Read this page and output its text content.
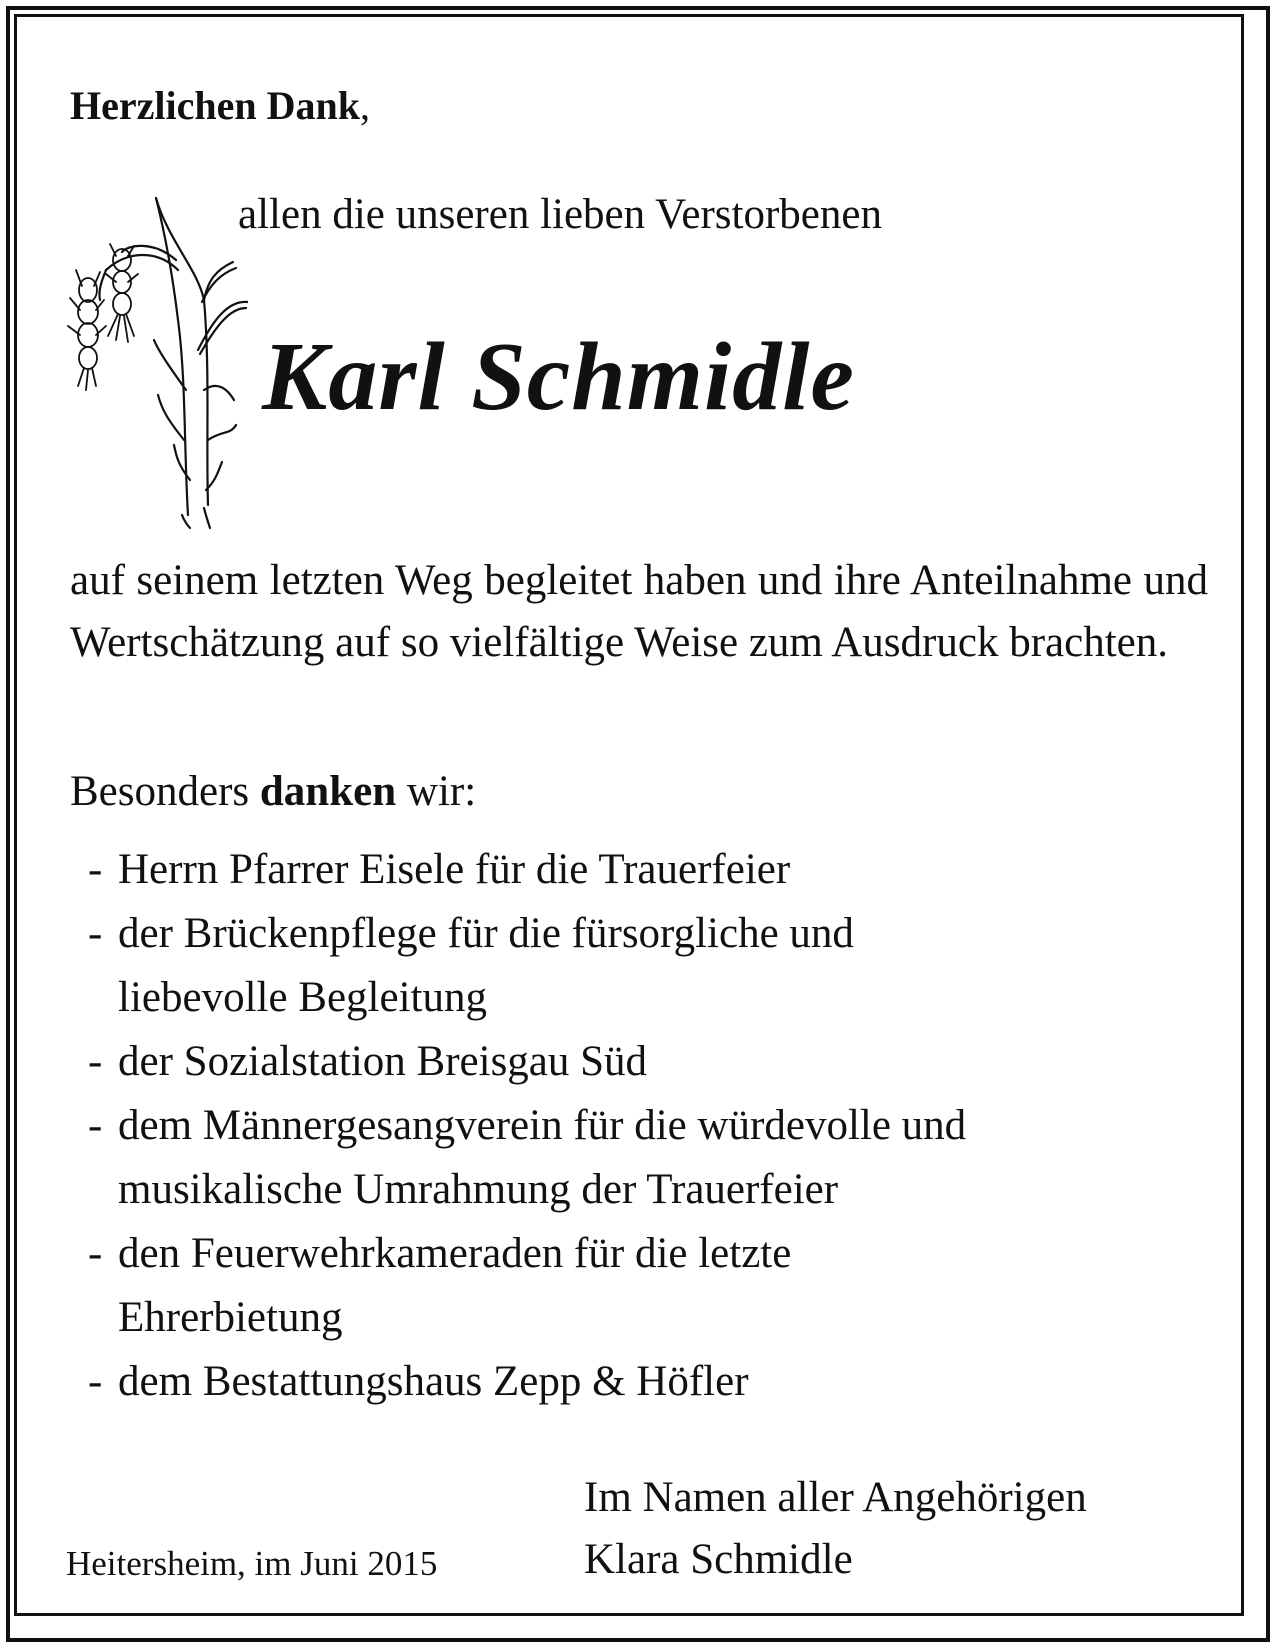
Herzlichen Dank,
allen die unseren lieben Verstorbenen
Karl Schmidle

auf seinem letzten Weg begleitet haben und ihre Anteilnahme und Wertschätzung auf so vielfältige Weise zum Ausdruck brachten.

Besonders danken wir:
- Herrn Pfarrer Eisele für die Trauerfeier
- der Brückenpflege für die fürsorgliche und
liebevolle Begleitung
- der Sozialstation Breisgau Süd
- dem Männergesangverein für die würdevolle und
musikalische Umrahmung der Trauerfeier
- den Feuerwehrkameraden für die letzte
Ehrerbietung
- dem Bestattungshaus Zepp & Höfler
Im Namen aller Angehörigen
Klara Schmidle
Heitersheim, im Juni 2015
